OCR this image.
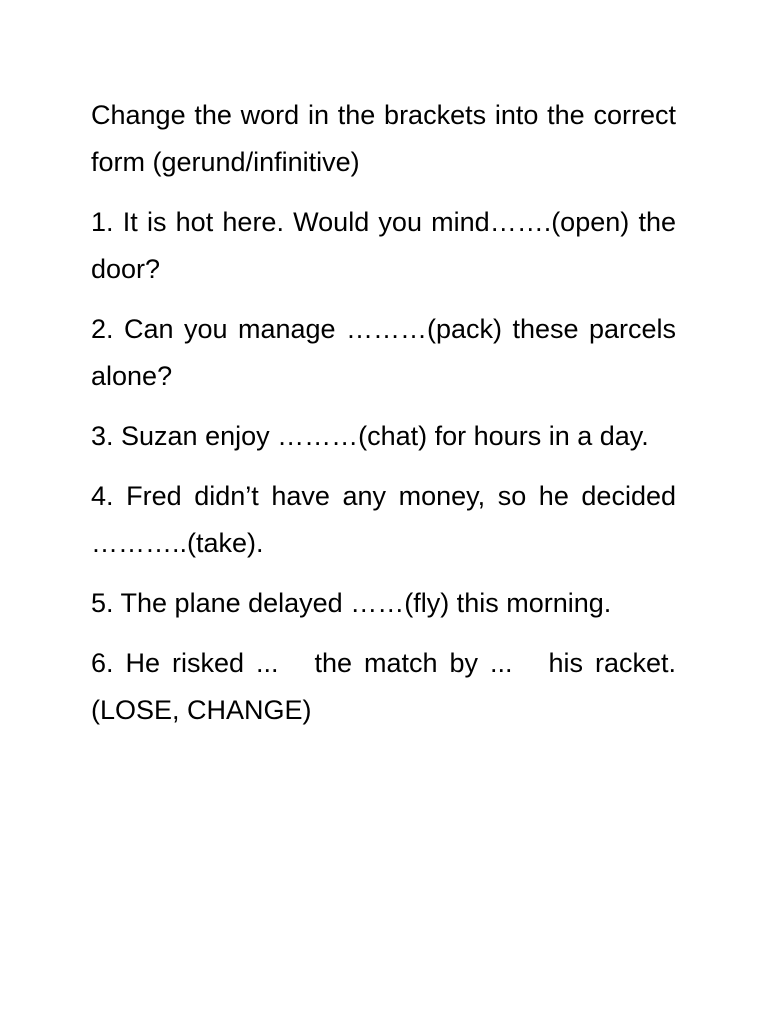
Change the word in the brackets into the correct form (gerund/infinitive)

1. It is hot here. Would you mind…….(open) the door?

2. Can you manage ………(pack) these parcels alone?

3. Suzan enjoy ………(chat) for hours in a day.

4. Fred didn’t have any money, so he decided ………..(take).

5. The plane delayed ……(fly) this morning.

6. He risked ...   the match by ...   his racket. (LOSE, CHANGE)
